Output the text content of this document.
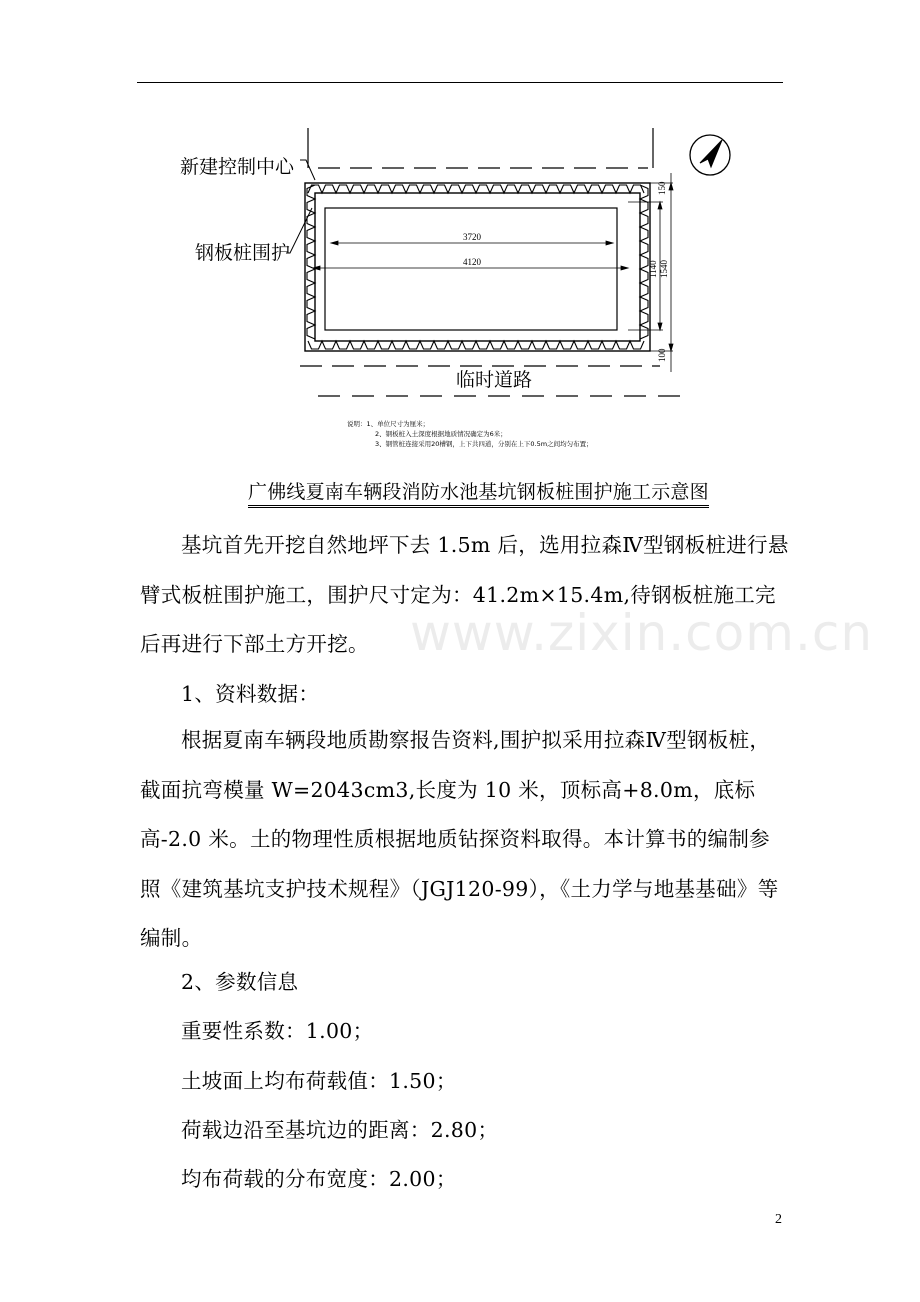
新建控制中心
钢板桩围护
临时道路
3720
4120
150
1140 1540
100
说明：1、单位尺寸为厘米；
2、钢板桩入土深度根据地质情况确定为6米；
3、钢管桩连接采用20槽钢，上下共四道，分别在上下0.5m之间均匀布置；
广佛线夏南车辆段消防水池基坑钢板桩围护施工示意图
www.zixin.com.cn

基坑首先开挖自然地坪下去 1.5m 后，选用拉森Ⅳ型钢板桩进行悬臂式板桩围护施工，围护尺寸定为：41.2m×15.4m,待钢板桩施工完后再进行下部土方开挖。

1、资料数据：

根据夏南车辆段地质勘察报告资料,围护拟采用拉森Ⅳ型钢板桩，截面抗弯模量 W=2043cm3,长度为 10 米，顶标高+8.0m，底标高-2.0 米。土的物理性质根据地质钻探资料取得。本计算书的编制参照《建筑基坑支护技术规程》（JGJ120-99），《土力学与地基基础》等编制。

2、参数信息

重要性系数：1.00；

土坡面上均布荷载值：1.50；

荷载边沿至基坑边的距离：2.80；

均布荷载的分布宽度：2.00；

2
